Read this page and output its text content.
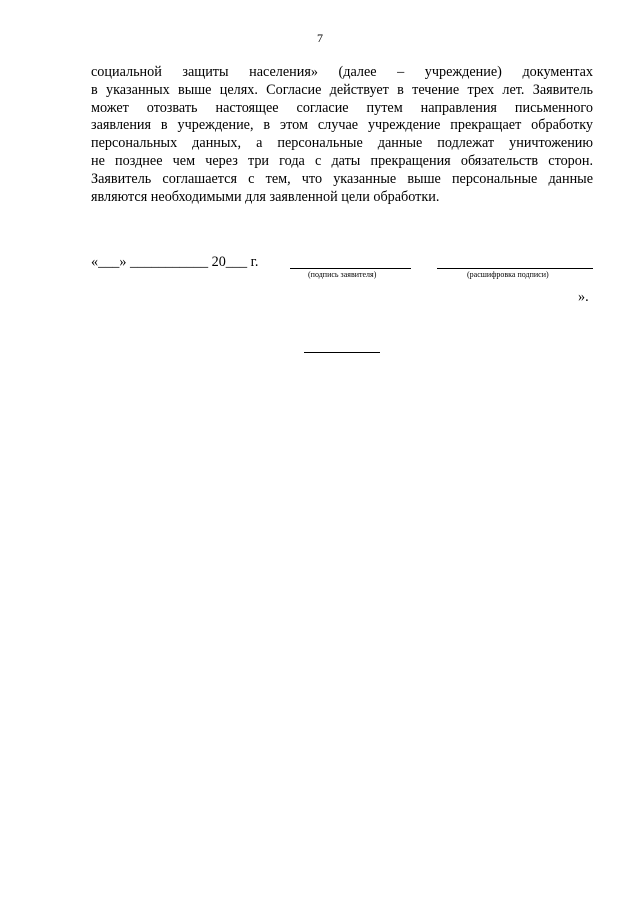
7
социальной защиты населения» (далее – учреждение) документах
в указанных выше целях. Согласие действует в течение трех лет. Заявитель
может отозвать настоящее согласие путем направления письменного
заявления в учреждение, в этом случае учреждение прекращает обработку
персональных данных, а персональные данные подлежат уничтожению
не позднее чем через три года с даты прекращения обязательств сторон.
Заявитель соглашается с тем, что указанные выше персональные данные
являются необходимыми для заявленной цели обработки.
«___» ___________ 20___ г.
(подпись заявителя)	(расшифровка подписи)
».
